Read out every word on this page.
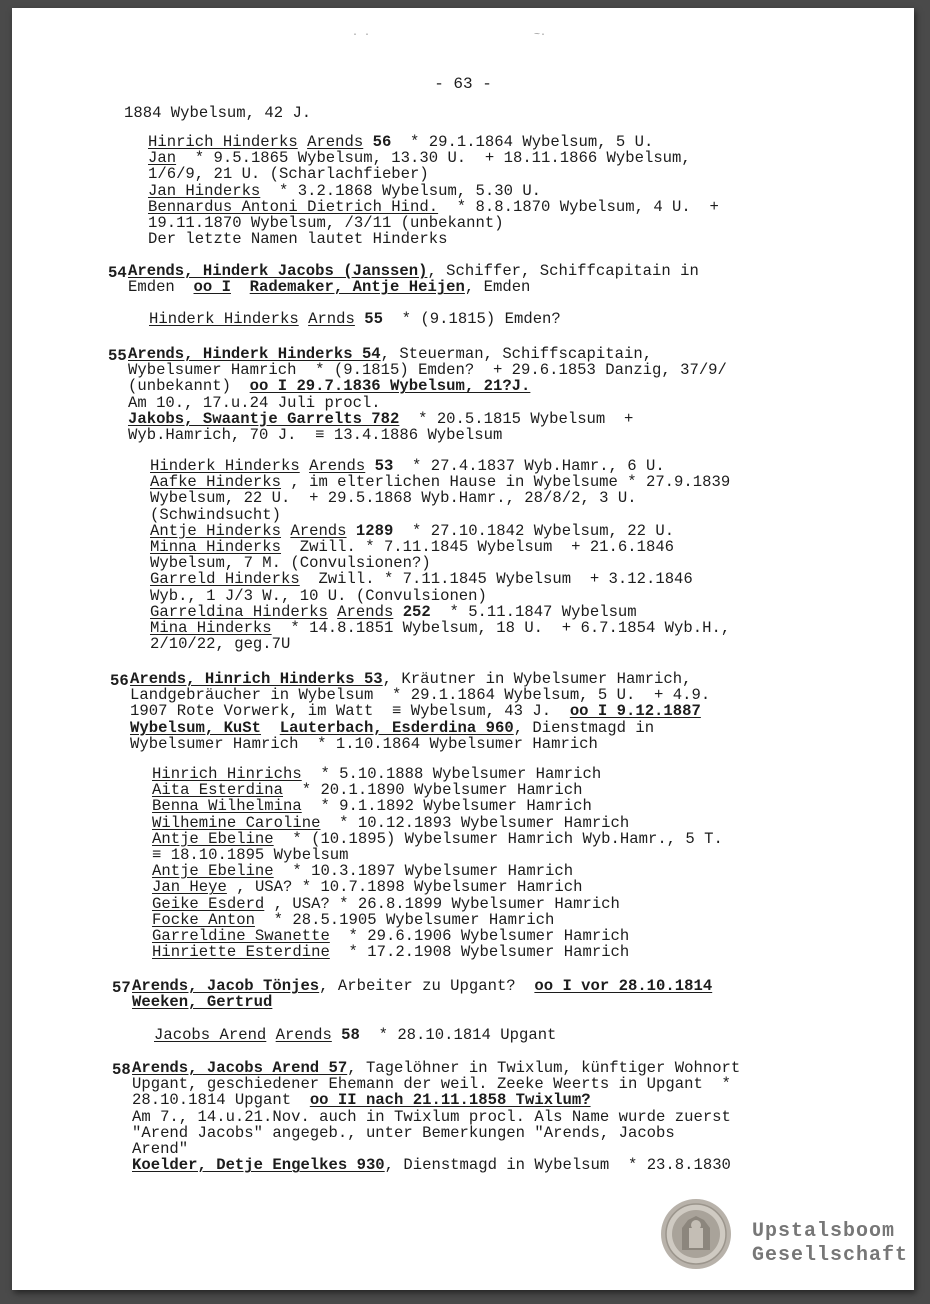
· ·	~·
- 63 -
1884 Wybelsum, 42 J.
Hinrich Hinderks Arends 56  * 29.1.1864 Wybelsum, 5 U.
Jan  * 9.5.1865 Wybelsum, 13.30 U.  + 18.11.1866 Wybelsum,
1/6/9, 21 U. (Scharlachfieber)
Jan Hinderks  * 3.2.1868 Wybelsum, 5.30 U.
Bennardus Antoni Dietrich Hind.  * 8.8.1870 Wybelsum, 4 U.  +
19.11.1870 Wybelsum, /3/11 (unbekannt)
Der letzte Namen lautet Hinderks
54 Arends, Hinderk Jacobs (Janssen), Schiffer, Schiffcapitain in
Emden  oo I Rademaker, Antje Heijen, Emden
Hinderk Hinderks Arnds 55  * (9.1815) Emden?
55 Arends, Hinderk Hinderks 54, Steuerman, Schiffscapitain,
Wybelsumer Hamrich  * (9.1815) Emden?  + 29.6.1853 Danzig, 37/9/
(unbekannt)  oo I 29.7.1836 Wybelsum, 21?J.
Am 10., 17.u.24 Juli procl.
Jakobs, Swaantje Garrelts 782  * 20.5.1815 Wybelsum  +
Wyb.Hamrich, 70 J.  ≡ 13.4.1886 Wybelsum
Hinderk Hinderks Arends 53  * 27.4.1837 Wyb.Hamr., 6 U.
Aafke Hinderks , im elterlichen Hause in Wybelsume * 27.9.1839
Wybelsum, 22 U.  + 29.5.1868 Wyb.Hamr., 28/8/2, 3 U.
(Schwindsucht)
Antje Hinderks Arends 1289  * 27.10.1842 Wybelsum, 22 U.
Minna Hinderks  Zwill. * 7.11.1845 Wybelsum  + 21.6.1846
Wybelsum, 7 M. (Convulsionen?)
Garreld Hinderks  Zwill. * 7.11.1845 Wybelsum  + 3.12.1846
Wyb., 1 J/3 W., 10 U. (Convulsionen)
Garreldina Hinderks Arends 252  * 5.11.1847 Wybelsum
Mina Hinderks  * 14.8.1851 Wybelsum, 18 U.  + 6.7.1854 Wyb.H.,
2/10/22, geg.7U
56 Arends, Hinrich Hinderks 53, Kräutner in Wybelsumer Hamrich,
Landgebräucher in Wybelsum  * 29.1.1864 Wybelsum, 5 U.  + 4.9.
1907 Rote Vorwerk, im Watt  ≡ Wybelsum, 43 J.  oo I 9.12.1887
Wybelsum, KuSt Lauterbach, Esderdina 960, Dienstmagd in
Wybelsumer Hamrich  * 1.10.1864 Wybelsumer Hamrich
Hinrich Hinrichs  * 5.10.1888 Wybelsumer Hamrich
Aita Esterdina  * 20.1.1890 Wybelsumer Hamrich
Benna Wilhelmina  * 9.1.1892 Wybelsumer Hamrich
Wilhemine Caroline  * 10.12.1893 Wybelsumer Hamrich
Antje Ebeline  * (10.1895) Wybelsumer Hamrich Wyb.Hamr., 5 T.
≡ 18.10.1895 Wybelsum
Antje Ebeline  * 10.3.1897 Wybelsumer Hamrich
Jan Heye , USA? * 10.7.1898 Wybelsumer Hamrich
Geike Esderd , USA? * 26.8.1899 Wybelsumer Hamrich
Focke Anton  * 28.5.1905 Wybelsumer Hamrich
Garreldine Swanette  * 29.6.1906 Wybelsumer Hamrich
Hinriette Esterdine  * 17.2.1908 Wybelsumer Hamrich
57 Arends, Jacob Tönjes, Arbeiter zu Upgant?  oo I vor 28.10.1814
Weeken, Gertrud
Jacobs Arend Arends 58  * 28.10.1814 Upgant
58 Arends, Jacobs Arend 57, Tagelöhner in Twixlum, künftiger Wohnort
Upgant, geschiedener Ehemann der weil. Zeeke Weerts in Upgant  *
28.10.1814 Upgant  oo II nach 21.11.1858 Twixlum?
Am 7., 14.u.21.Nov. auch in Twixlum procl. Als Name wurde zuerst
"Arend Jacobs" angegeb., unter Bemerkungen "Arends, Jacobs
Arend"
Koelder, Detje Engelkes 930, Dienstmagd in Wybelsum  * 23.8.1830
Upstalsboom
Gesellschaft
